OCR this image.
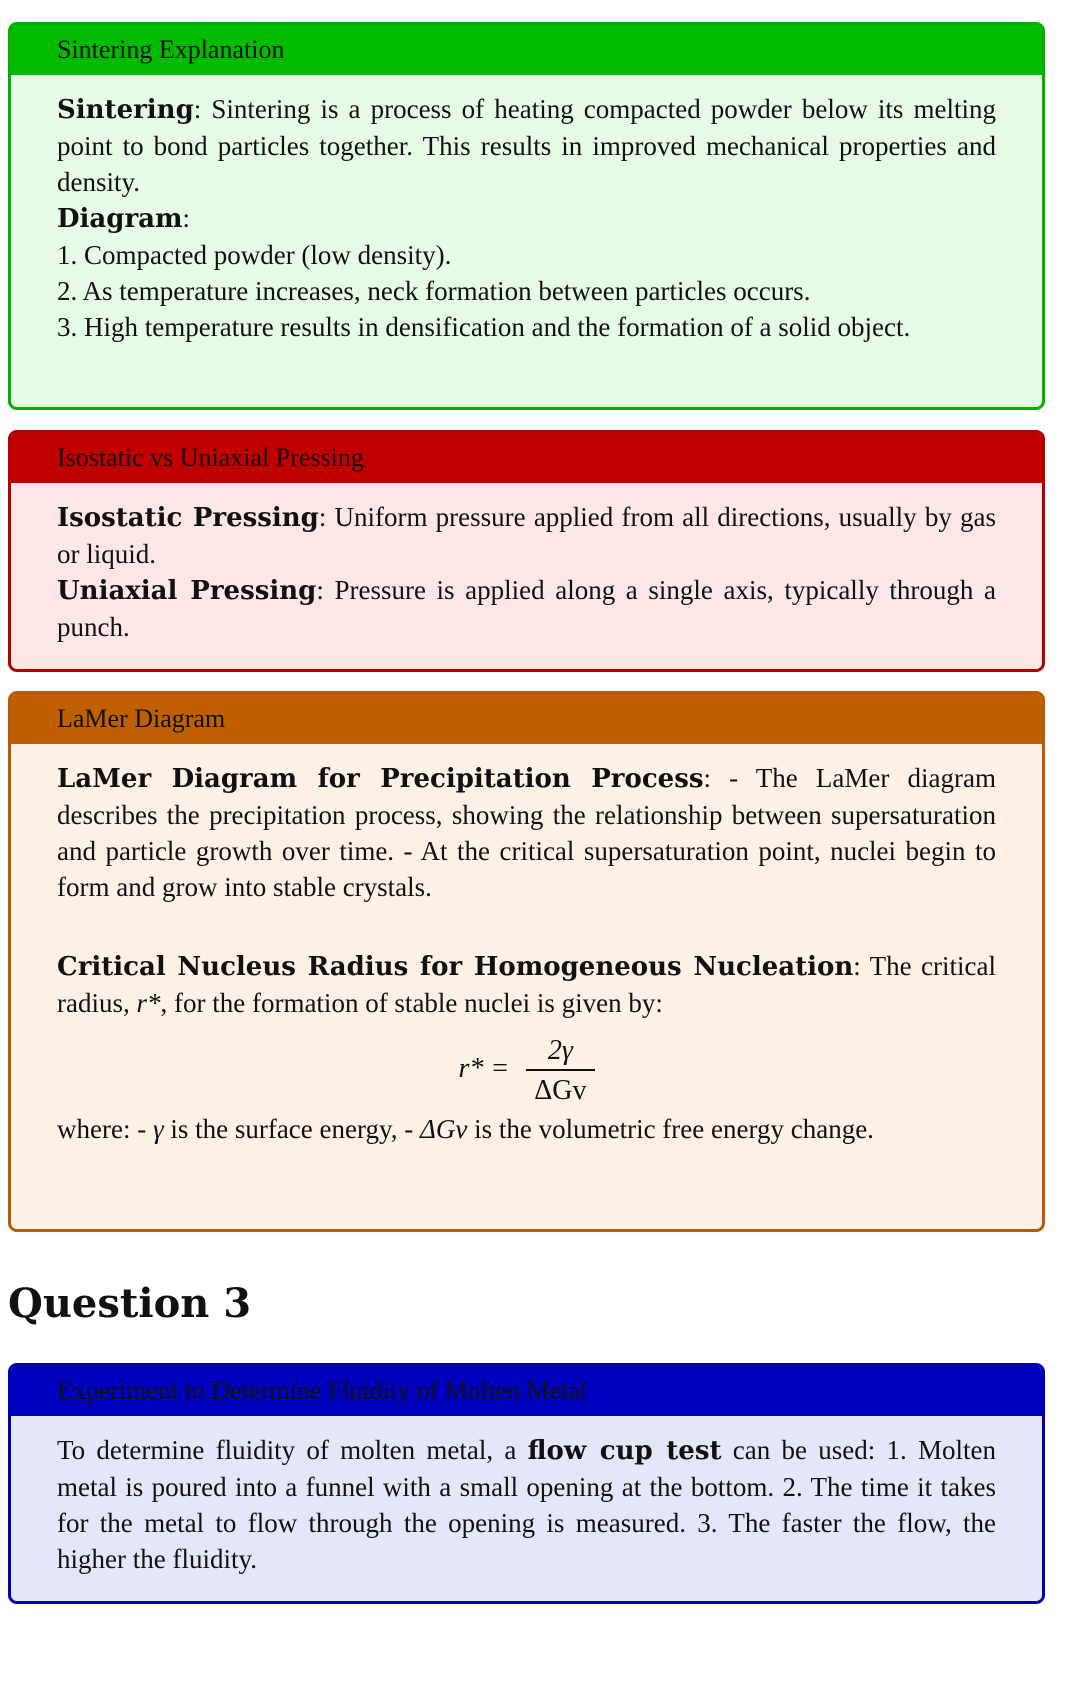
Sintering Explanation

Sintering: Sintering is a process of heating compacted powder below its melting point to bond particles together. This results in improved mechanical properties and density.

Diagram:

1. Compacted powder (low density).

2. As temperature increases, neck formation between particles occurs.

3. High temperature results in densification and the formation of a solid object.

Isostatic vs Uniaxial Pressing

Isostatic Pressing: Uniform pressure applied from all directions, usually by gas or liquid.

Uniaxial Pressing: Pressure is applied along a single axis, typically through a punch.

LaMer Diagram

LaMer Diagram for Precipitation Process: - The LaMer diagram describes the precipitation process, showing the relationship between supersaturation and particle growth over time. - At the critical supersaturation point, nuclei begin to form and grow into stable crystals.

Critical Nucleus Radius for Homogeneous Nucleation: The critical radius, r*, for the formation of stable nuclei is given by:

$r* = \frac{2\gamma}{\text{ΔGv}}$

where: - γ is the surface energy, - ΔGv is the volumetric free energy change.

Question 3
Experiment to Determine Fluidity of Molten Metal

To determine fluidity of molten metal, a flow cup test can be used: 1. Molten metal is poured into a funnel with a small opening at the bottom. 2. The time it takes for the metal to flow through the opening is measured. 3. The faster the flow, the higher the fluidity.
